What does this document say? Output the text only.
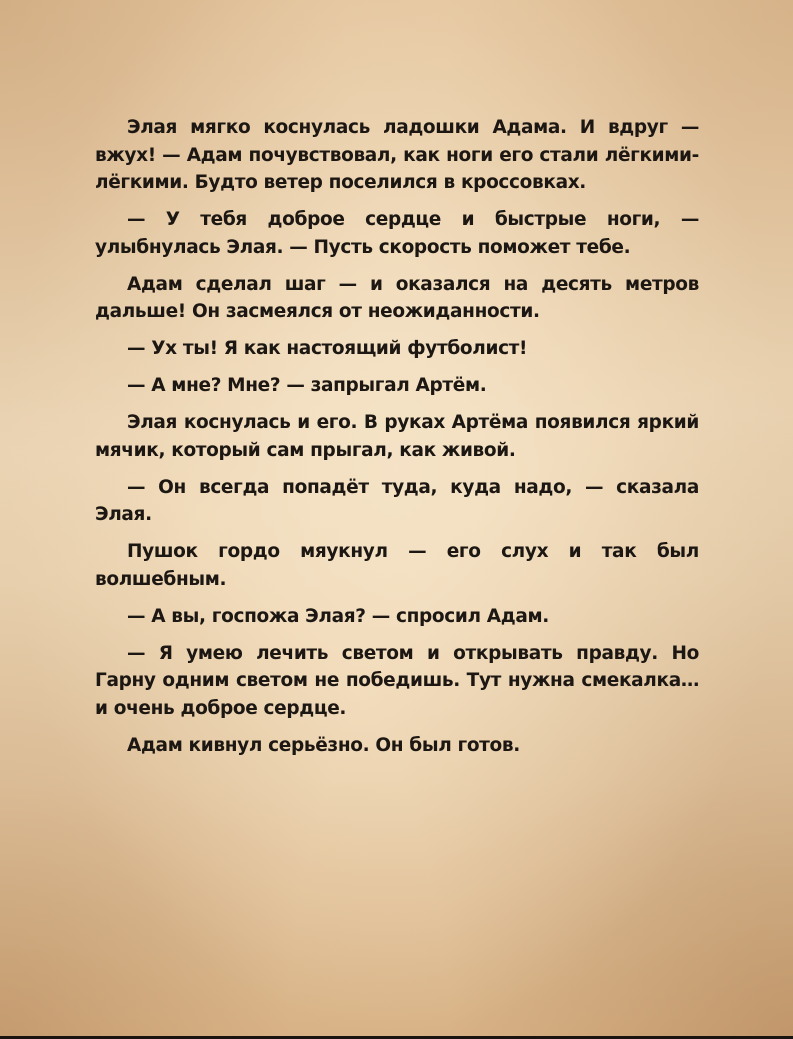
Элая мягко коснулась ладошки Адама. И вдруг — вжух! — Адам почувствовал, как ноги его стали лёгкими-лёгкими. Будто ветер поселился в кроссовках.

— У тебя доброе сердце и быстрые ноги, — улыбнулась Элая. — Пусть скорость поможет тебе.

Адам сделал шаг — и оказался на десять метров дальше! Он засмеялся от неожиданности.

— Ух ты! Я как настоящий футболист!

— А мне? Мне? — запрыгал Артём.

Элая коснулась и его. В руках Артёма появился яркий мячик, который сам прыгал, как живой.

— Он всегда попадёт туда, куда надо, — сказала Элая.

Пушок гордо мяукнул — его слух и так был волшебным.

— А вы, госпожа Элая? — спросил Адам.

— Я умею лечить светом и открывать правду. Но Гарну одним светом не победишь. Тут нужна смекалка… и очень доброе сердце.

Адам кивнул серьёзно. Он был готов.
